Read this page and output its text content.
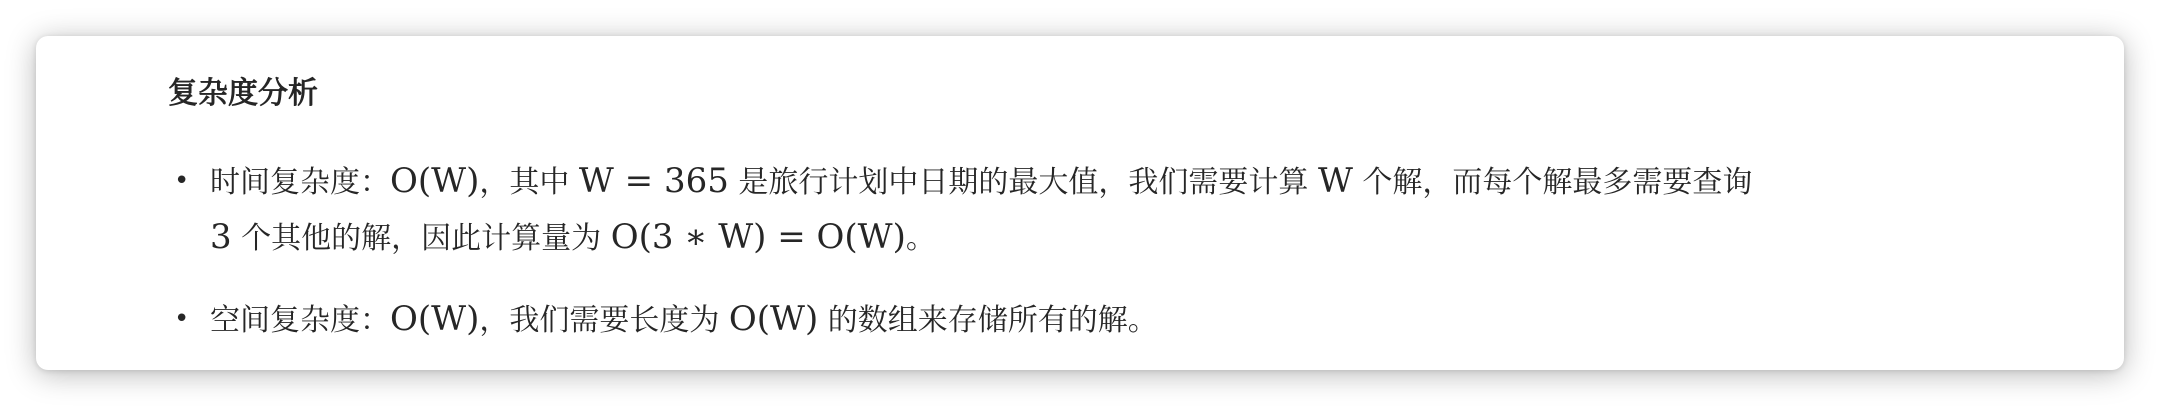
复杂度分析
• 时间复杂度：O(W)，其中 W = 365 是旅行计划中日期的最大值，我们需要计算 W 个解，而每个解最多需要查询
3 个其他的解，因此计算量为 O(3 ∗ W) = O(W)。
• 空间复杂度：O(W)，我们需要长度为 O(W) 的数组来存储所有的解。
